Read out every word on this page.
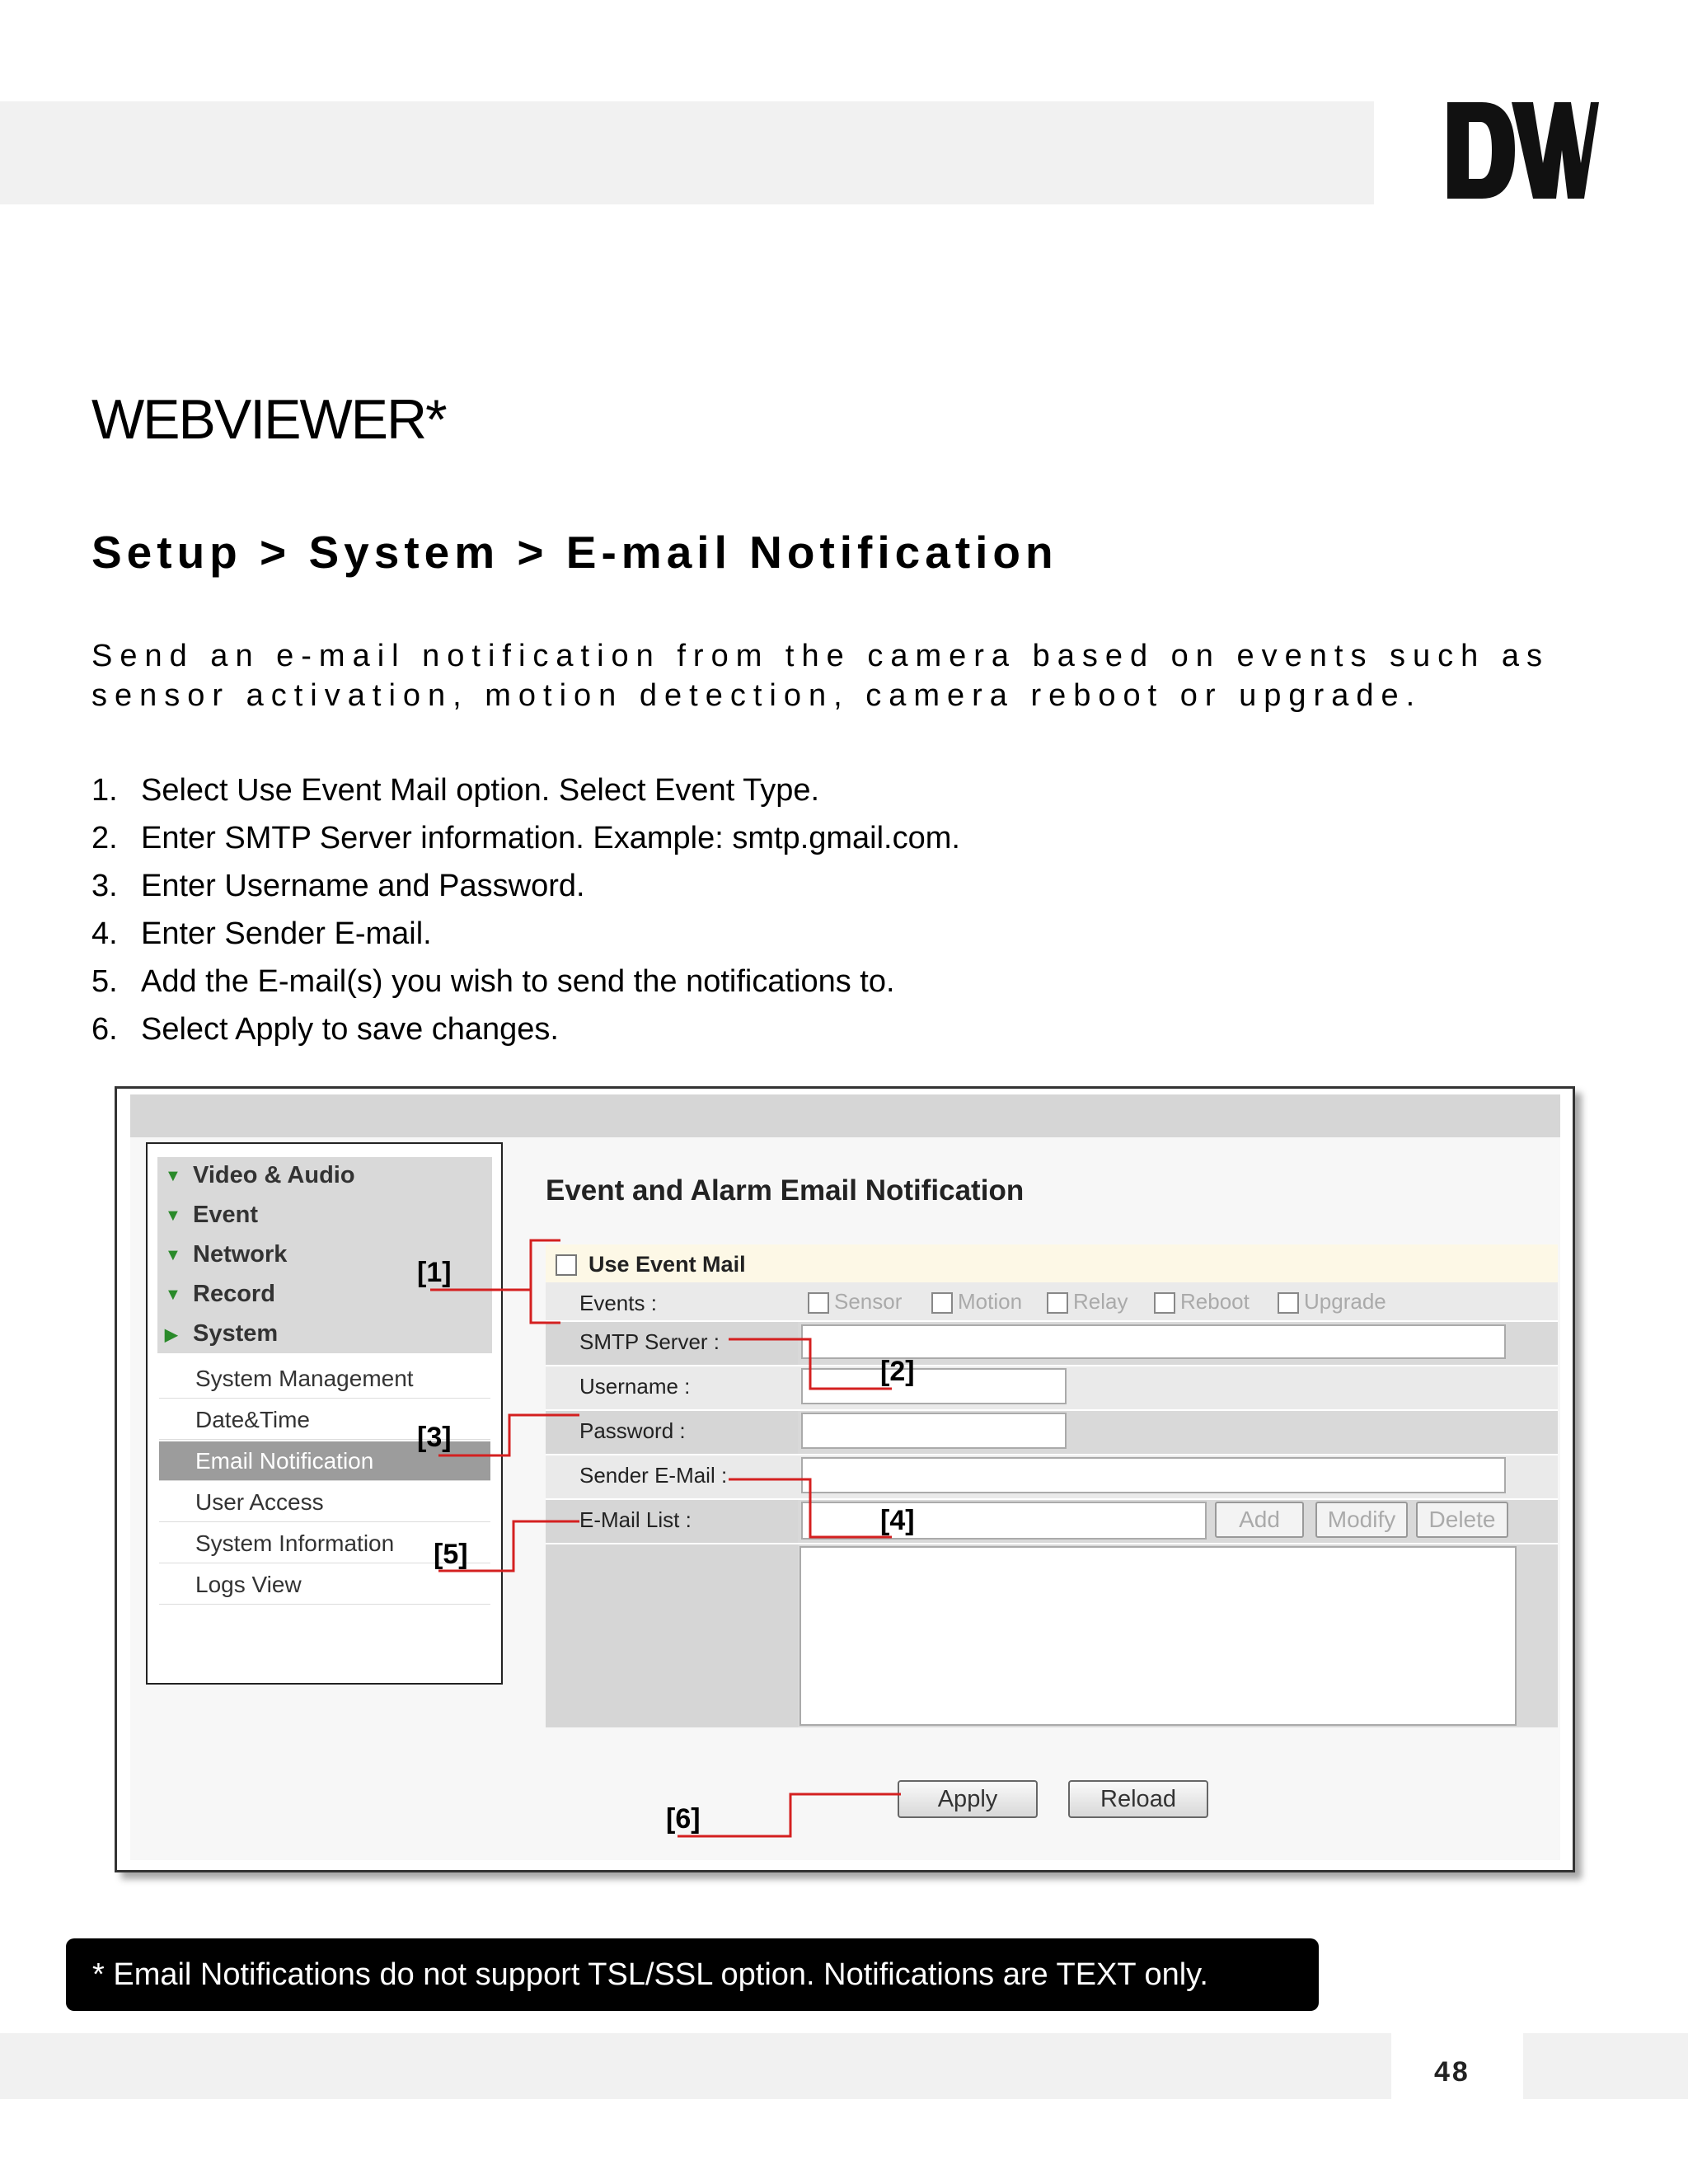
WEBVIEWER*
Setup > System > E-mail Notification
Send an e-mail notification from the camera based on events such as sensor activation, motion detection, camera reboot or upgrade.
1. Select Use Event Mail option. Select Event Type.
2. Enter SMTP Server information. Example: smtp.gmail.com.
3. Enter Username and Password.
4. Enter Sender E-mail.
5. Add the E-mail(s) you wish to send the notifications to.
6. Select Apply to save changes.
▼ Video & Audio
▼ Event
▼ Network
▼ Record
▶ System
System Management
Date&Time
Email Notification
User Access
System Information
Logs View
Event and Alarm Email Notification
Use Event Mail
Events :	Sensor	Motion	Relay	Reboot	Upgrade
SMTP Server :
Username :
Password :
Sender E-Mail :
E-Mail List :	Add	Modify	Delete
Apply	Reload
[1]
[2]
[3]
[4]
[5]
[6]
* Email Notifications do not support TSL/SSL option. Notifications are TEXT only.
48
